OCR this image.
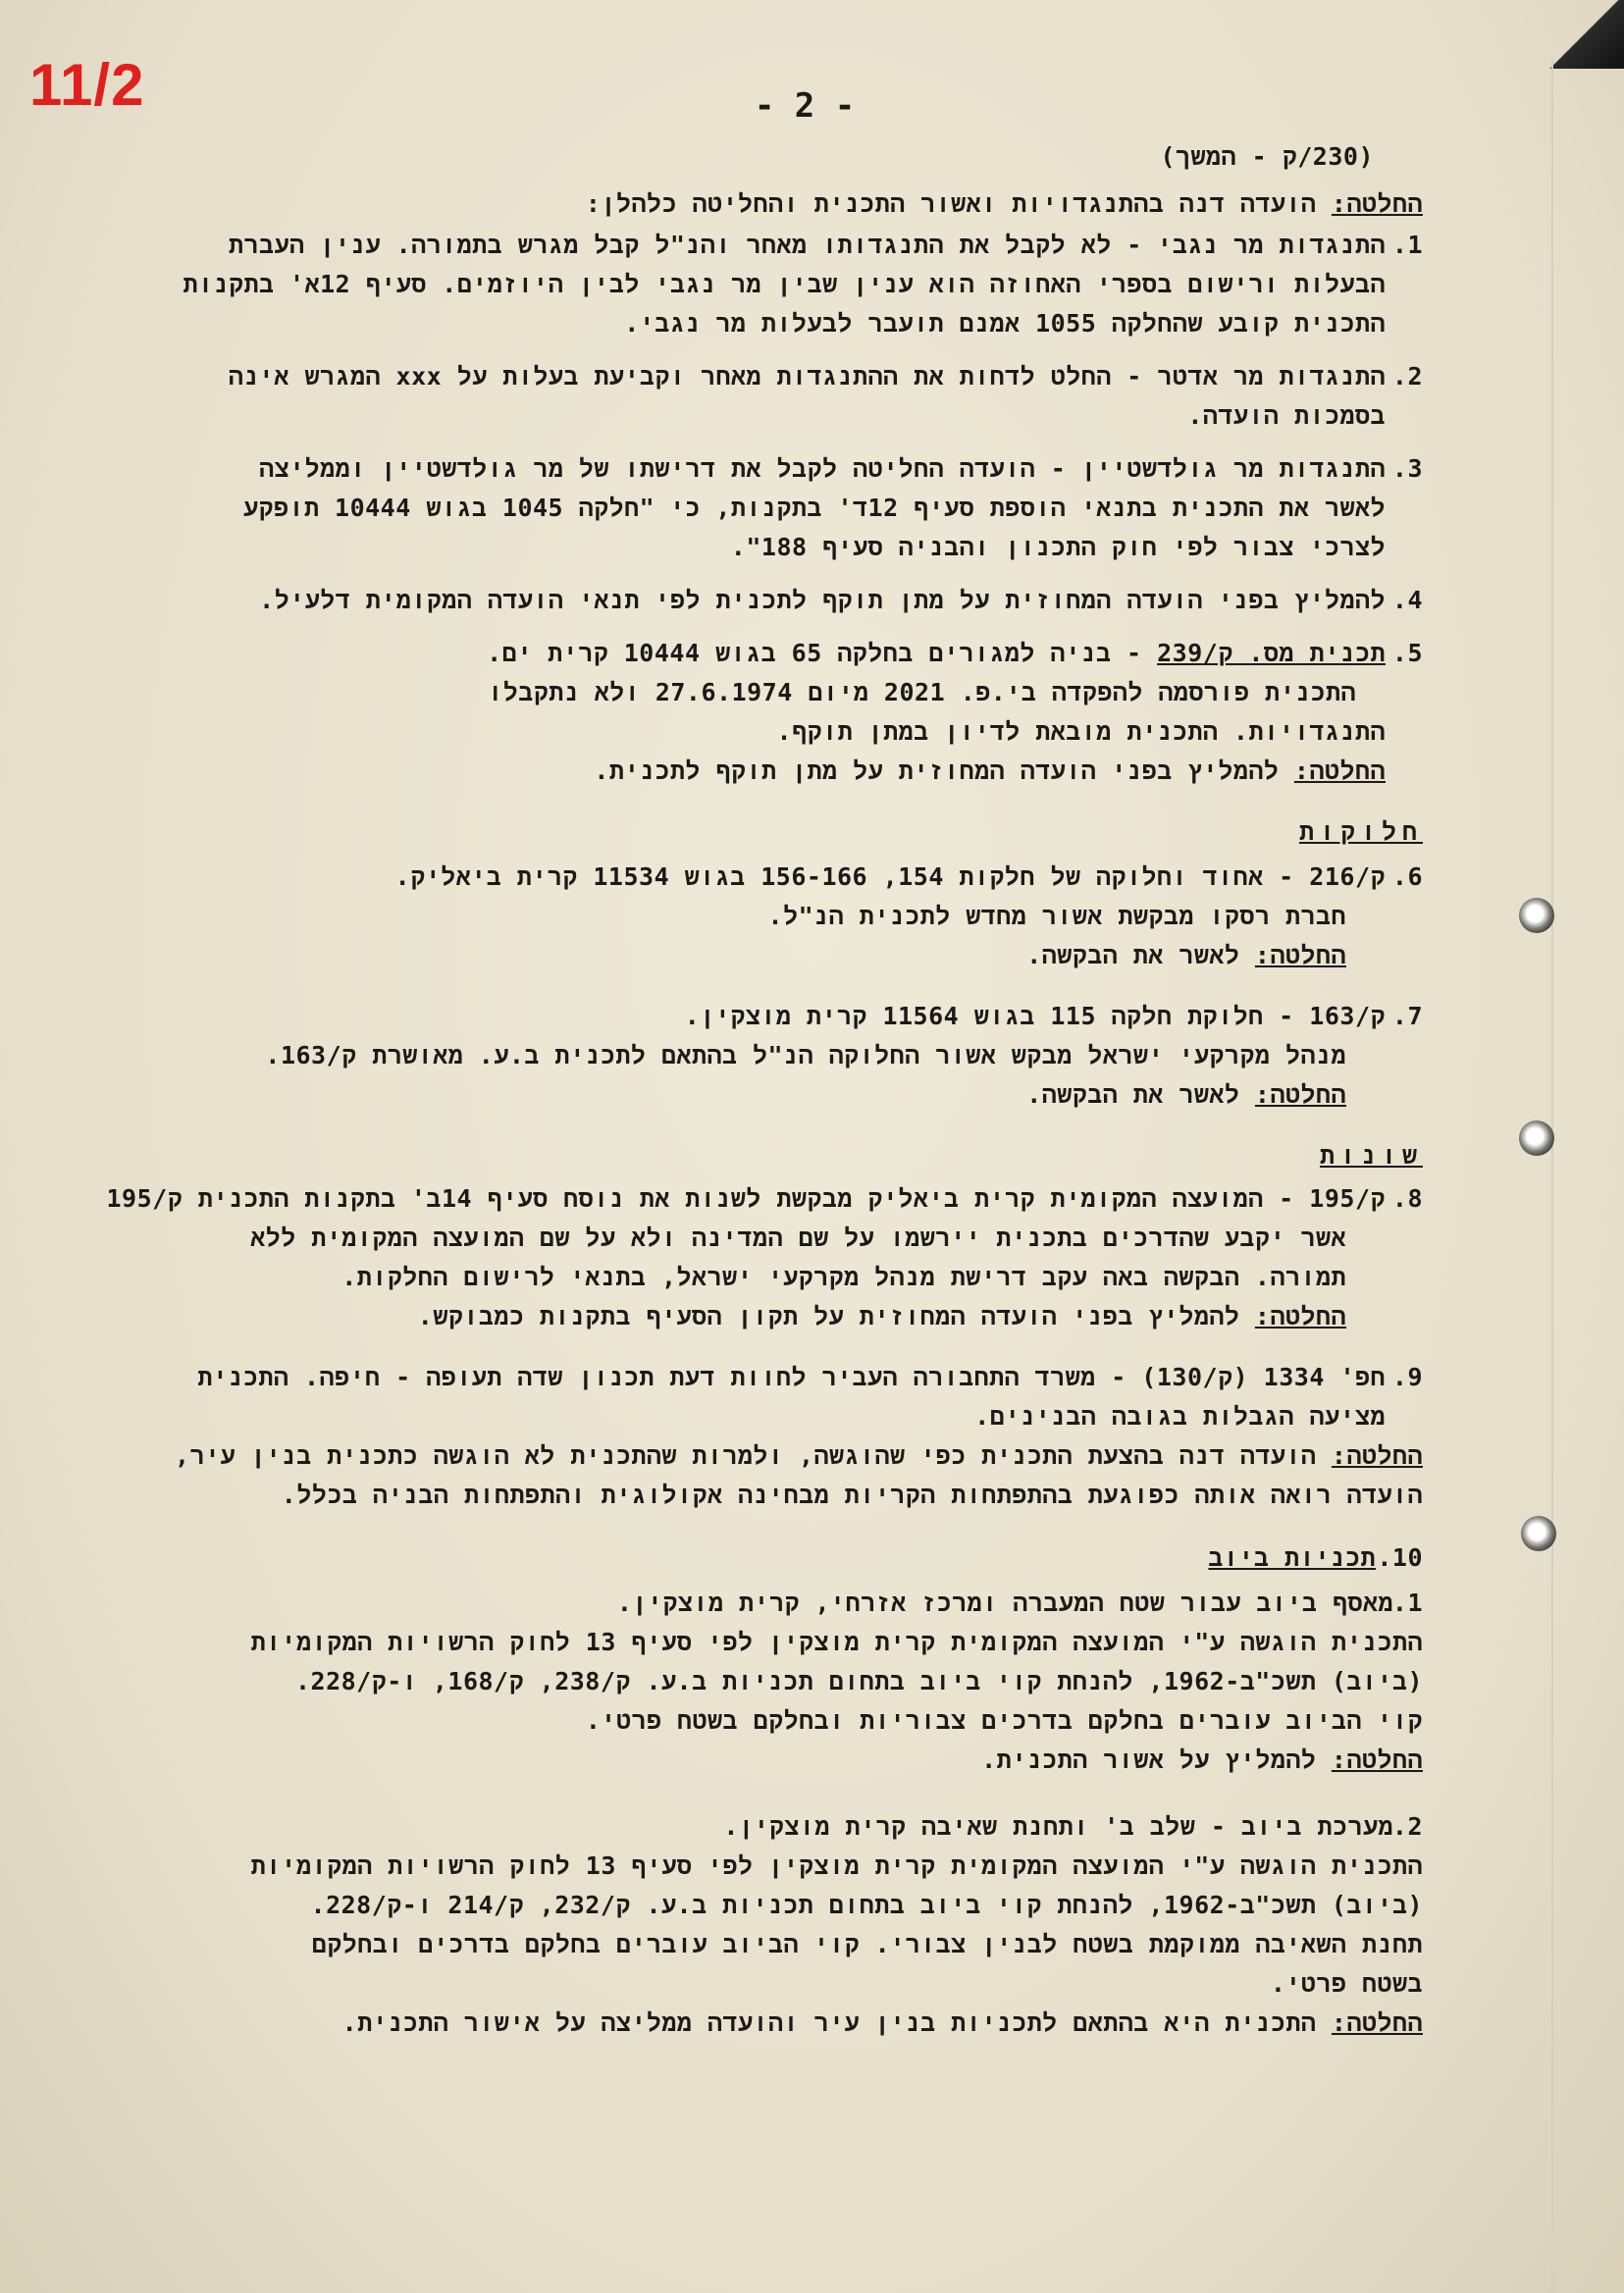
11/2	- 2 -
(230/ק - המשך)
החלטה: הועדה דנה בהתנגדויות ואשור התכנית והחליטה כלהלן:
1.
התנגדות מר נגבי - לא לקבל את התנגדותו מאחר והנ"ל קבל מגרש בתמורה. ענין העברת
הבעלות ורישום בספרי האחוזה הוא ענין שבין מר נגבי לבין היוזמים. סעיף 12א' בתקנות
התכנית קובע שהחלקה 1055 אמנם תועבר לבעלות מר נגבי.
2.
התנגדות מר אדטר - החלט לדחות את ההתנגדות מאחר וקביעת בעלות על xxx המגרש אינה
בסמכות הועדה.
3.
התנגדות מר גולדשטיין - הועדה החליטה לקבל את דרישתו של מר גולדשטיין וממליצה
לאשר את התכנית בתנאי הוספת סעיף 12ד' בתקנות, כי "חלקה 1045 בגוש 10444 תופקע
לצרכי צבור לפי חוק התכנון והבניה סעיף 188".
4.
להמליץ בפני הועדה המחוזית על מתן תוקף לתכנית לפי תנאי הועדה המקומית דלעיל.
5.
תכנית מס. ק/239 - בניה למגורים בחלקה 65 בגוש 10444 קרית ים.
התכנית פורסמה להפקדה בי.פ. 2021 מיום 27.6.1974 ולא נתקבלו
התנגדויות. התכנית מובאת לדיון במתן תוקף.
החלטה: להמליץ בפני הועדה המחוזית על מתן תוקף לתכנית.
חלוקות
6.
ק/216 - אחוד וחלוקה של חלקות 154, 156-166 בגוש 11534 קרית ביאליק.
חברת רסקו מבקשת אשור מחדש לתכנית הנ"ל.
החלטה: לאשר את הבקשה.
7.
ק/163 - חלוקת חלקה 115 בגוש 11564 קרית מוצקין.
מנהל מקרקעי ישראל מבקש אשור החלוקה הנ"ל בהתאם לתכנית ב.ע. מאושרת ק/163.
החלטה: לאשר את הבקשה.
שונות
8.
ק/195 - המועצה המקומית קרית ביאליק מבקשת לשנות את נוסח סעיף 14ב' בתקנות התכנית ק/195
אשר יקבע שהדרכים בתכנית יירשמו על שם המדינה ולא על שם המועצה המקומית ללא
תמורה. הבקשה באה עקב דרישת מנהל מקרקעי ישראל, בתנאי לרישום החלקות.
החלטה: להמליץ בפני הועדה המחוזית על תקון הסעיף בתקנות כמבוקש.
9.
חפ' 1334 (ק/130) - משרד התחבורה העביר לחוות דעת תכנון שדה תעופה - חיפה. התכנית
מציעה הגבלות בגובה הבנינים.
החלטה: הועדה דנה בהצעת התכנית כפי שהוגשה, ולמרות שהתכנית לא הוגשה כתכנית בנין עיר,
הועדה רואה אותה כפוגעת בהתפתחות הקריות מבחינה אקולוגית והתפתחות הבניה בכלל.
10.
תכניות ביוב
1.
מאסף ביוב עבור שטח המעברה ומרכז אזרחי, קרית מוצקין.
התכנית הוגשה ע"י המועצה המקומית קרית מוצקין לפי סעיף 13 לחוק הרשויות המקומיות
(ביוב) תשכ"ב-1962, להנחת קוי ביוב בתחום תכניות ב.ע. ק/238, ק/168, ו-ק/228.
קוי הביוב עוברים בחלקם בדרכים צבוריות ובחלקם בשטח פרטי.
החלטה: להמליץ על אשור התכנית.
2.
מערכת ביוב - שלב ב' ותחנת שאיבה קרית מוצקין.
התכנית הוגשה ע"י המועצה המקומית קרית מוצקין לפי סעיף 13 לחוק הרשויות המקומיות
(ביוב) תשכ"ב-1962, להנחת קוי ביוב בתחום תכניות ב.ע. ק/232, ק/214 ו-ק/228.
תחנת השאיבה ממוקמת בשטח לבנין צבורי. קוי הביוב עוברים בחלקם בדרכים ובחלקם
בשטח פרטי.
החלטה: התכנית היא בהתאם לתכניות בנין עיר והועדה ממליצה על אישור התכנית.
